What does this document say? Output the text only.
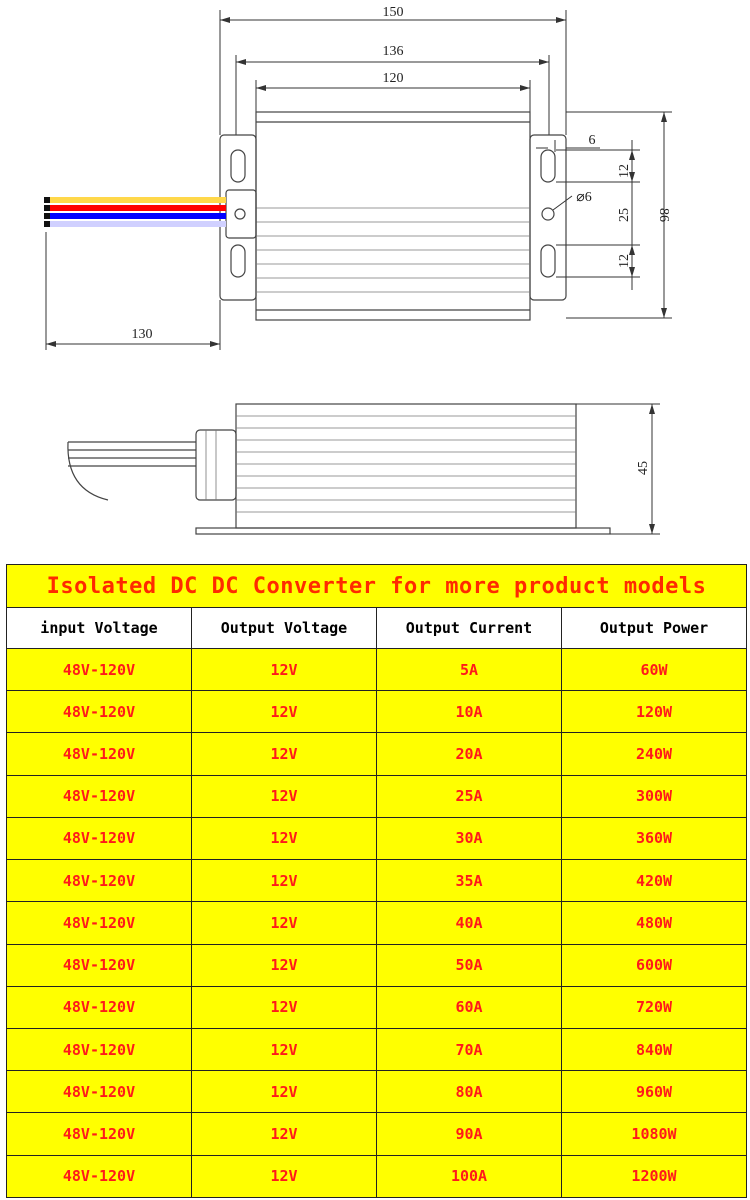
150
136
120
130
6
12
25
12
⌀6
86
45
Isolated DC DC Converter for more product models			
input Voltage	Output Voltage	Output Current	Output Power
48V-120V	12V	5A	60W
48V-120V	12V	10A	120W
48V-120V	12V	20A	240W
48V-120V	12V	25A	300W
48V-120V	12V	30A	360W
48V-120V	12V	35A	420W
48V-120V	12V	40A	480W
48V-120V	12V	50A	600W
48V-120V	12V	60A	720W
48V-120V	12V	70A	840W
48V-120V	12V	80A	960W
48V-120V	12V	90A	1080W
48V-120V	12V	100A	1200W
